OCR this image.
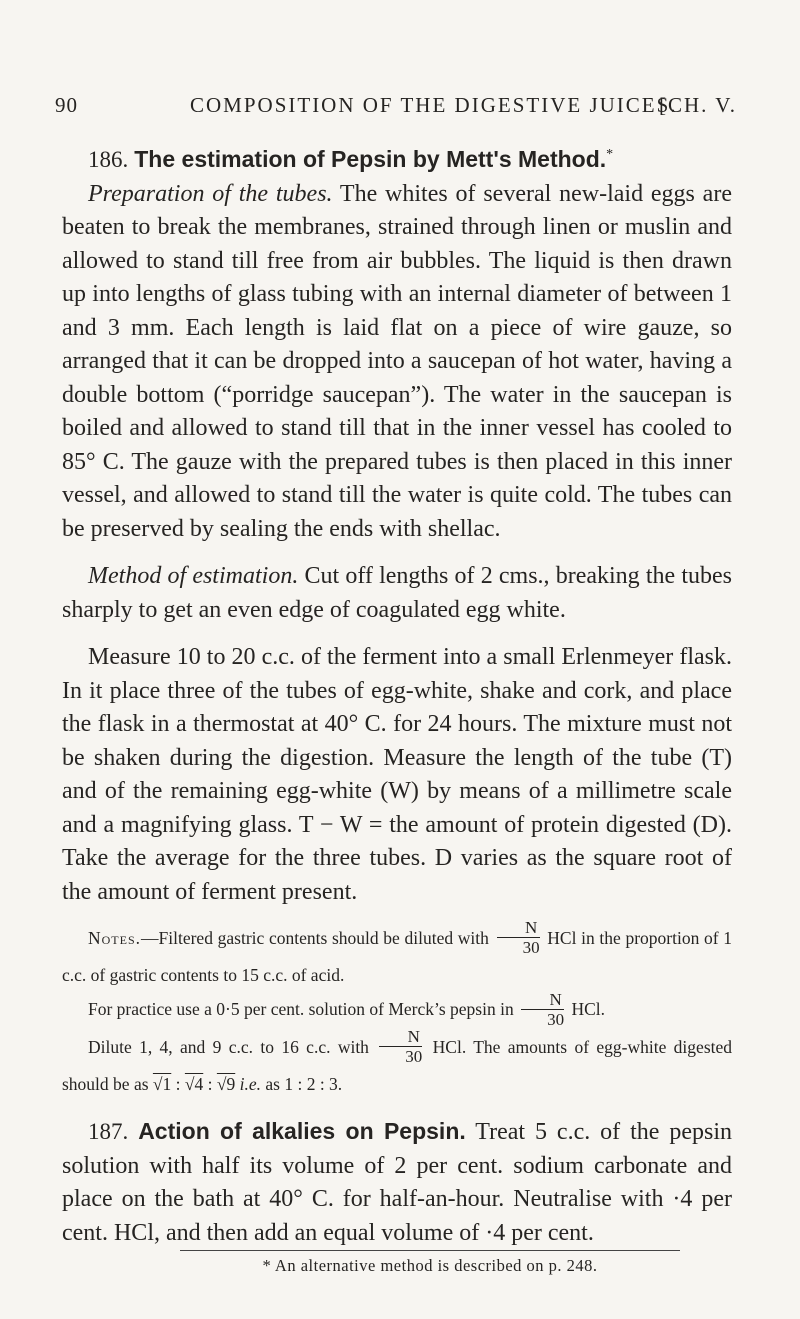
90	COMPOSITION OF THE DIGESTIVE JUICES.
[CH. V.

186. The estimation of Pepsin by Mett's Method.*

Preparation of the tubes. The whites of several new-laid eggs are beaten to break the membranes, strained through linen or muslin and allowed to stand till free from air bubbles. The liquid is then drawn up into lengths of glass tubing with an internal diameter of between 1 and 3 mm. Each length is laid flat on a piece of wire gauze, so arranged that it can be dropped into a saucepan of hot water, having a double bottom (“porridge saucepan”). The water in the saucepan is boiled and allowed to stand till that in the inner vessel has cooled to 85° C. The gauze with the prepared tubes is then placed in this inner vessel, and allowed to stand till the water is quite cold. The tubes can be preserved by sealing the ends with shellac.

Method of estimation. Cut off lengths of 2 cms., breaking the tubes sharply to get an even edge of coagulated egg white.

Measure 10 to 20 c.c. of the ferment into a small Erlenmeyer flask. In it place three of the tubes of egg-white, shake and cork, and place the flask in a thermostat at 40° C. for 24 hours. The mixture must not be shaken during the digestion. Measure the length of the tube (T) and of the remaining egg-white (W) by means of a millimetre scale and a magnifying glass. T − W = the amount of protein digested (D). Take the average for the three tubes. D varies as the square root of the amount of ferment present.

Notes.—Filtered gastric contents should be diluted with $\frac{N}{30}$ HCl in the proportion of 1 c.c. of gastric contents to 15 c.c. of acid.
For practice use a 0·5 per cent. solution of Merck’s pepsin in $\frac{N}{30}$ HCl.
Dilute 1, 4, and 9 c.c. to 16 c.c. with $\frac{N}{30}$ HCl. The amounts of egg-white digested should be as √1 : √4 : √9 i.e. as 1 : 2 : 3.

187. Action of alkalies on Pepsin. Treat 5 c.c. of the pepsin solution with half its volume of 2 per cent. sodium carbonate and place on the bath at 40° C. for half-an-hour. Neutralise with ·4 per cent. HCl, and then add an equal volume of ·4 per cent.

* An alternative method is described on p. 248.
